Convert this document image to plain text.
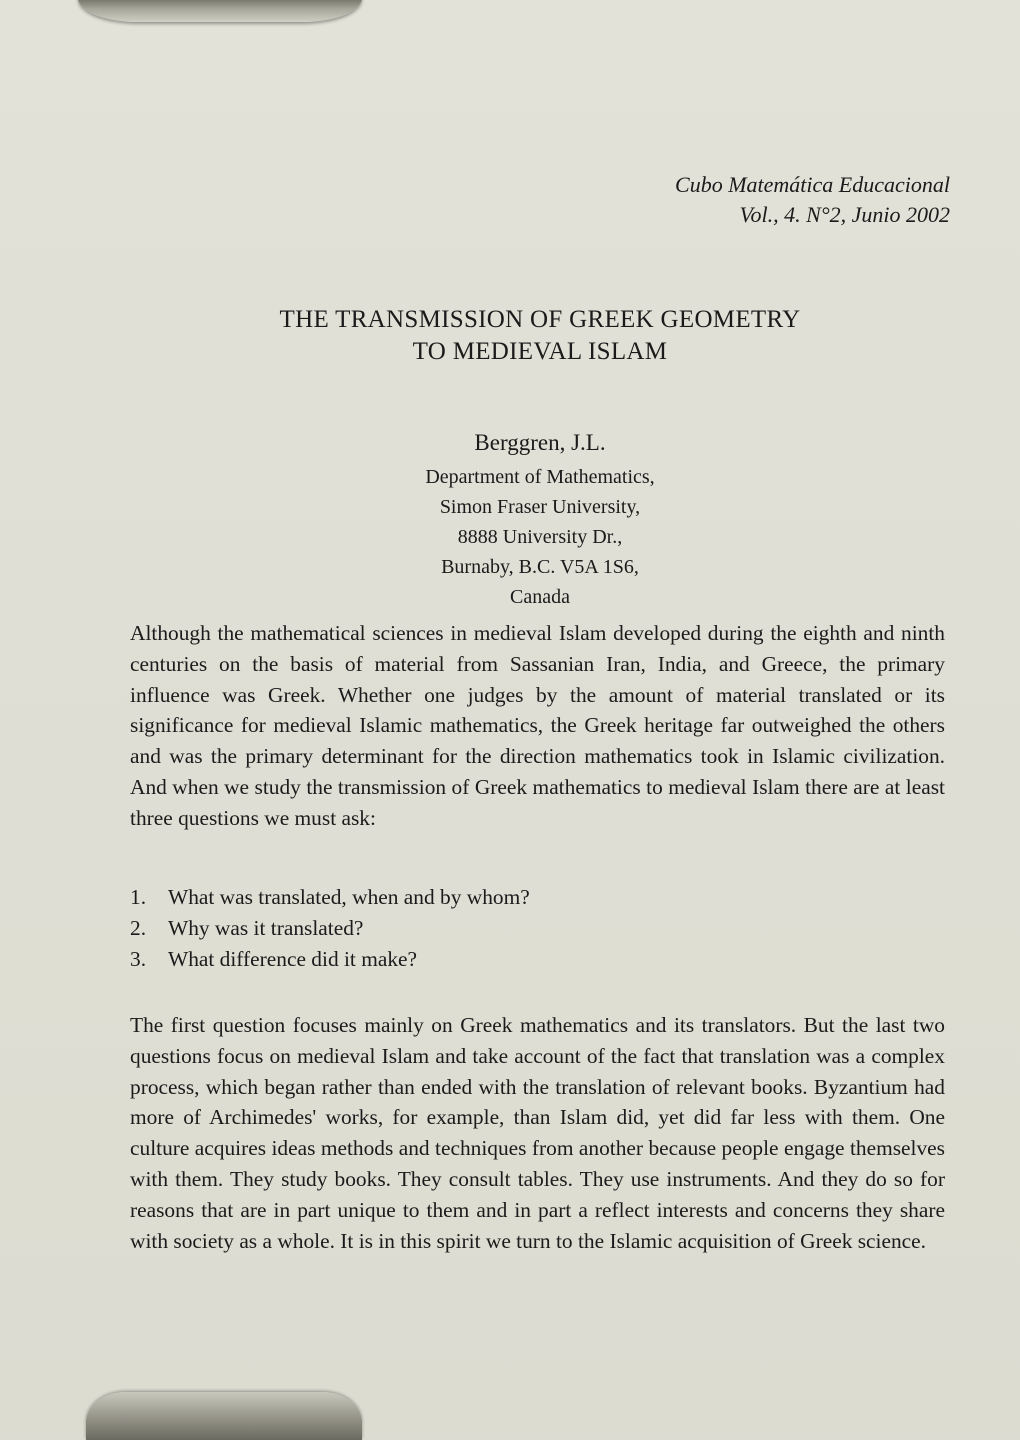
Cubo Matemática Educacional
Vol., 4. N°2, Junio 2002
THE TRANSMISSION OF GREEK GEOMETRY
TO MEDIEVAL ISLAM
Berggren, J.L.
Department of Mathematics,
Simon Fraser University,
8888 University Dr.,
Burnaby, B.C. V5A 1S6,
Canada

Although the mathematical sciences in medieval Islam developed during the eighth and ninth centuries on the basis of material from Sassanian Iran, India, and Greece, the primary influence was Greek. Whether one judges by the amount of material translated or its significance for medieval Islamic mathematics, the Greek heritage far outweighed the others and was the primary determinant for the direction mathematics took in Islamic civilization. And when we study the transmission of Greek mathematics to medieval Islam there are at least three questions we must ask:

1. What was translated, when and by whom?
2. Why was it translated?
3. What difference did it make?

The first question focuses mainly on Greek mathematics and its translators. But the last two questions focus on medieval Islam and take account of the fact that translation was a complex process, which began rather than ended with the translation of relevant books. Byzantium had more of Archimedes' works, for example, than Islam did, yet did far less with them. One culture acquires ideas methods and techniques from another because people engage themselves with them. They study books. They consult tables. They use instruments. And they do so for reasons that are in part unique to them and in part a reflect interests and concerns they share with society as a whole. It is in this spirit we turn to the Islamic acquisition of Greek science.
